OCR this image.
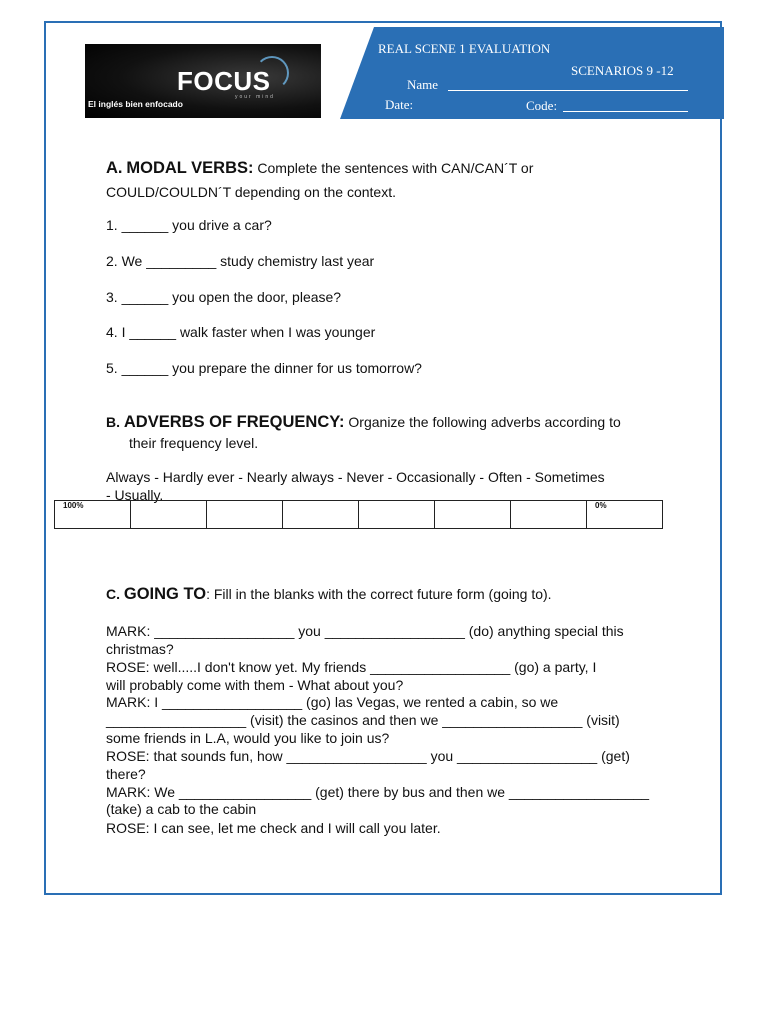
FOCUS
your mind
El inglés bien enfocado
REAL SCENE 1 EVALUATION
SCENARIOS 9 -12
Name
Date:	Code:
A. MODAL VERBS: Complete the sentences with CAN/CAN´T or
COULD/COULDN´T depending on the context.
1. ______ you drive a car?
2. We _________ study chemistry last year
3. ______ you open the door, please?
4. I ______ walk faster when I was younger
5. ______ you prepare the dinner for us tomorrow?
B. ADVERBS OF FREQUENCY: Organize the following adverbs according to
their frequency level.
Always - Hardly ever - Nearly always - Never - Occasionally - Often - Sometimes
- Usually.
100%	0%
C. GOING TO: Fill in the blanks with the correct future form (going to).
MARK: __________________ you __________________ (do) anything special this
christmas?
ROSE: well.....I don't know yet. My friends __________________ (go) a party, I
will probably come with them - What about you?
MARK: I __________________ (go) las Vegas, we rented a cabin, so we
__________________ (visit) the casinos and then we __________________ (visit)
some friends in L.A, would you like to join us?
ROSE: that sounds fun, how __________________ you __________________ (get)
there?
MARK: We _________________ (get) there by bus and then we __________________
(take) a cab to the cabin
ROSE: I can see, let me check and I will call you later.
